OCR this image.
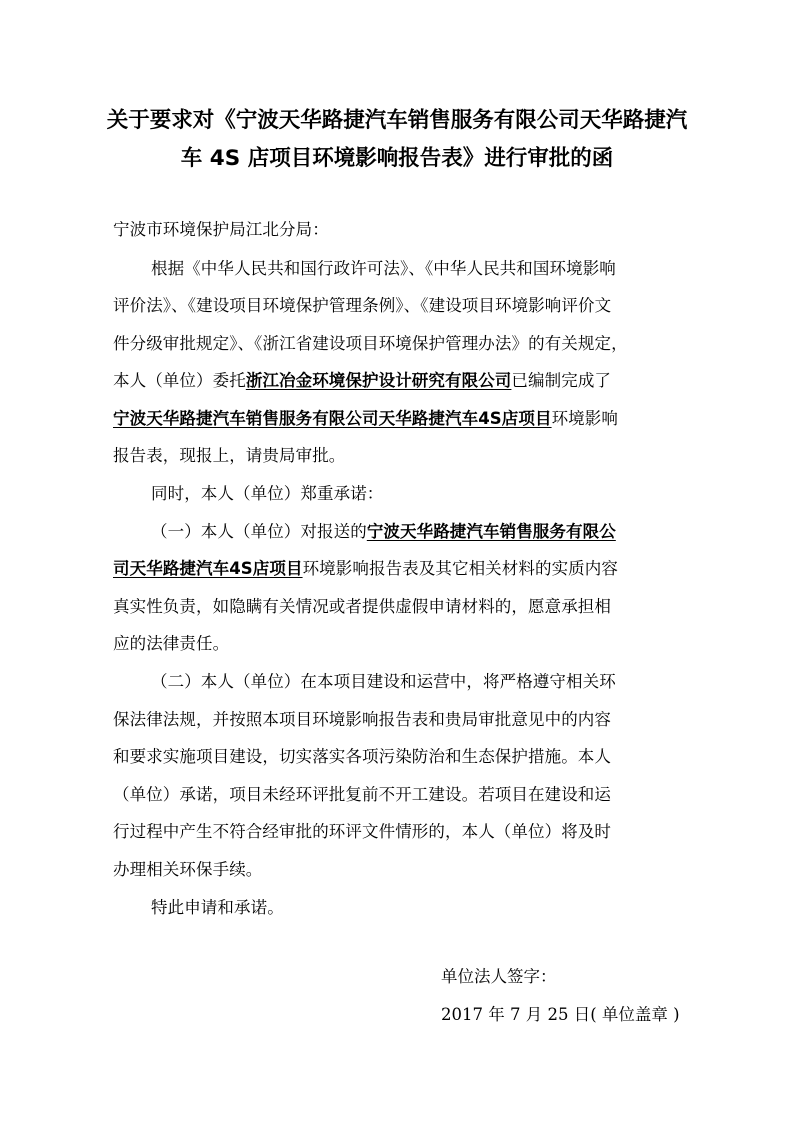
关于要求对《宁波天华路捷汽车销售服务有限公司天华路捷汽
车 4S 店项目环境影响报告表》进行审批的函
宁波市环境保护局江北分局：
根据《中华人民共和国行政许可法》、《中华人民共和国环境影响
评价法》、《建设项目环境保护管理条例》、《建设项目环境影响评价文
件分级审批规定》、《浙江省建设项目环境保护管理办法》的有关规定，
本人（单位）委托浙江冶金环境保护设计研究有限公司已编制完成了
宁波天华路捷汽车销售服务有限公司天华路捷汽车4S店项目环境影响
报告表，现报上，请贵局审批。
同时，本人（单位）郑重承诺：
（一）本人（单位）对报送的宁波天华路捷汽车销售服务有限公
司天华路捷汽车4S店项目环境影响报告表及其它相关材料的实质内容
真实性负责，如隐瞒有关情况或者提供虚假申请材料的，愿意承担相
应的法律责任。
（二）本人（单位）在本项目建设和运营中，将严格遵守相关环
保法律法规，并按照本项目环境影响报告表和贵局审批意见中的内容
和要求实施项目建设，切实落实各项污染防治和生态保护措施。本人
（单位）承诺，项目未经环评批复前不开工建设。若项目在建设和运
行过程中产生不符合经审批的环评文件情形的，本人（单位）将及时
办理相关环保手续。
特此申请和承诺。
单位法人签字：
2017 年 7 月 25 日( 单位盖章 )
